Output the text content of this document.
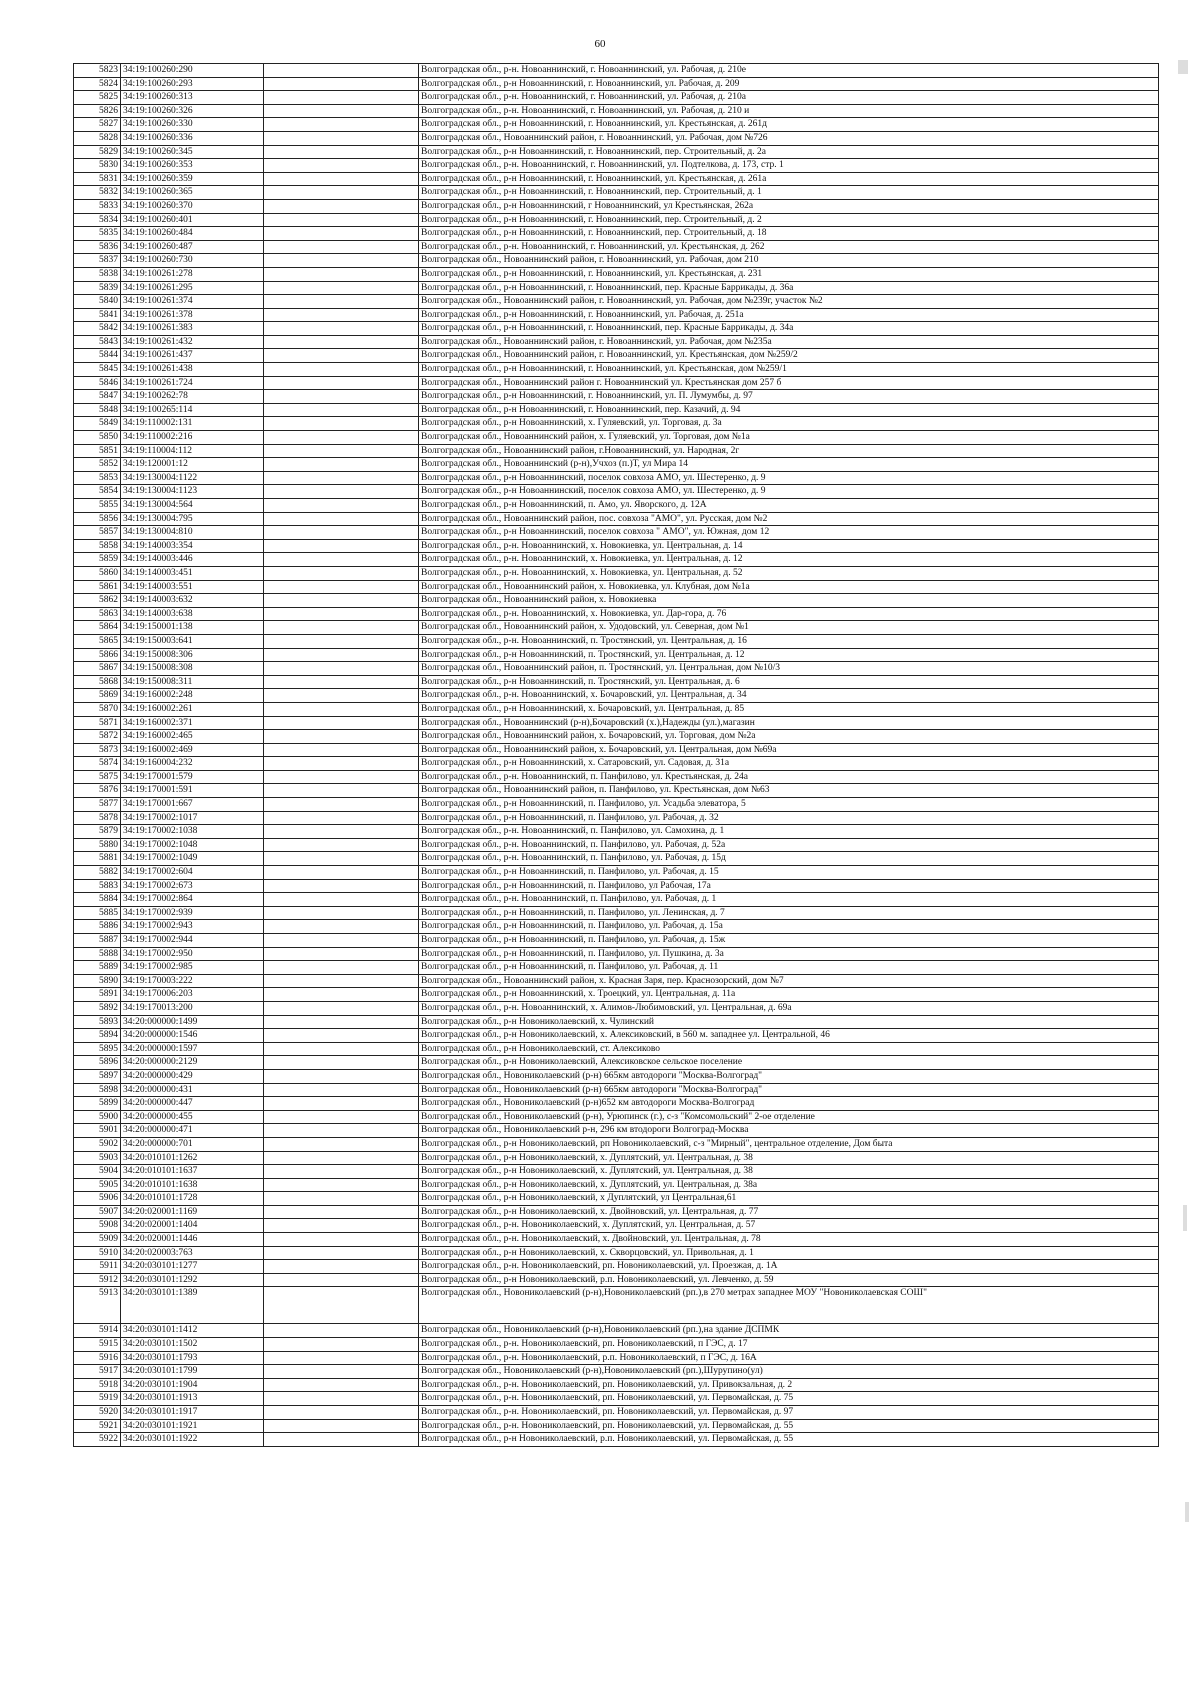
60
5823	34:19:100260:290		Волгоградская обл., р-н. Новоаннинский, г. Новоаннинский, ул. Рабочая, д. 210е
5824	34:19:100260:293		Волгоградская обл., р-н Новоаннинский, г. Новоаннинский, ул. Рабочая, д. 209
5825	34:19:100260:313		Волгоградская обл., р-н. Новоаннинский, г. Новоаннинский, ул. Рабочая, д. 210а
5826	34:19:100260:326		Волгоградская обл., р-н. Новоаннинский, г. Новоаннинский, ул. Рабочая, д. 210 и
5827	34:19:100260:330		Волгоградская обл., р-н Новоаннинский, г. Новоаннинский, ул. Крестьянская, д. 261д
5828	34:19:100260:336		Волгоградская обл., Новоаннинский район, г. Новоаннинский, ул. Рабочая, дом №726
5829	34:19:100260:345		Волгоградская обл., р-н Новоаннинский, г. Новоаннинский, пер. Строительный, д. 2а
5830	34:19:100260:353		Волгоградская обл., р-н. Новоаннинский, г. Новоаннинский, ул. Подтелкова, д. 173, стр. 1
5831	34:19:100260:359		Волгоградская обл., р-н Новоаннинский, г. Новоаннинский, ул. Крестьянская, д. 261а
5832	34:19:100260:365		Волгоградская обл., р-н Новоаннинский, г. Новоаннинский, пер. Строительный, д. 1
5833	34:19:100260:370		Волгоградская обл., р-н Новоаннинский, г Новоаннинский, ул Крестьянская, 262а
5834	34:19:100260:401		Волгоградская обл., р-н Новоаннинский, г. Новоаннинский, пер. Строительный, д. 2
5835	34:19:100260:484		Волгоградская обл., р-н Новоаннинский, г. Новоаннинский, пер. Строительный, д. 18
5836	34:19:100260:487		Волгоградская обл., р-н. Новоаннинский, г. Новоаннинский, ул. Крестьянская, д. 262
5837	34:19:100260:730		Волгоградская обл., Новоаннинский район, г. Новоаннинский, ул. Рабочая, дом 210
5838	34:19:100261:278		Волгоградская обл., р-н Новоаннинский, г. Новоаннинский, ул. Крестьянская, д. 231
5839	34:19:100261:295		Волгоградская обл., р-н Новоаннинский, г. Новоаннинский, пер. Красные Баррикады, д. 36а
5840	34:19:100261:374		Волгоградская обл., Новоаннинский район, г. Новоаннинский, ул. Рабочая, дом №239г, участок №2
5841	34:19:100261:378		Волгоградская обл., р-н Новоаннинский, г. Новоаннинский, ул. Рабочая, д. 251а
5842	34:19:100261:383		Волгоградская обл., р-н Новоаннинский, г. Новоаннинский, пер. Красные Баррикады, д. 34а
5843	34:19:100261:432		Волгоградская обл., Новоаннинский район, г. Новоаннинский, ул. Рабочая, дом №235а
5844	34:19:100261:437		Волгоградская обл., Новоаннинский район, г. Новоаннинский, ул. Крестьянская, дом №259/2
5845	34:19:100261:438		Волгоградская обл., р-н Новоаннинский, г. Новоаннинский, ул. Крестьянская, дом №259/1
5846	34:19:100261:724		Волгоградская обл., Новоаннинский район г. Новоаннинский ул. Крестьянская дом 257 б
5847	34:19:100262:78		Волгоградская обл., р-н Новоаннинский, г. Новоаннинский, ул. П. Лумумбы, д. 97
5848	34:19:100265:114		Волгоградская обл., р-н Новоаннинский, г. Новоаннинский, пер. Казачий, д. 94
5849	34:19:110002:131		Волгоградская обл., р-н Новоаннинский, х. Гуляевский, ул. Торговая, д. 3а
5850	34:19:110002:216		Волгоградская обл., Новоаннинский район, х. Гуляевский, ул. Торговая, дом №1а
5851	34:19:110004:112		Волгоградская обл., Новоаннинский район, г.Новоаннинский, ул. Народная, 2г
5852	34:19:120001:12		Волгоградская обл., Новоаннинский (р-н),Учхоз (п.)Т, ул Мира 14
5853	34:19:130004:1122		Волгоградская обл., р-н Новоаннинский, поселок совхоза АМО, ул. Шестеренко, д. 9
5854	34:19:130004:1123		Волгоградская обл., р-н Новоаннинский, поселок совхоза АМО, ул. Шестеренко, д. 9
5855	34:19:130004:564		Волгоградская обл., р-н Новоаннинский, п. Амо, ул. Яворского, д. 12А
5856	34:19:130004:795		Волгоградская обл., Новоаннинский район, пос. совхоза "АМО", ул. Русская, дом №2
5857	34:19:130004:810		Волгоградская обл., р-н Новоаннинский, поселок совхоза " АМО", ул. Южная, дом 12
5858	34:19:140003:354		Волгоградская обл., р-н. Новоаннинский, х. Новокиевка, ул. Центральная, д. 14
5859	34:19:140003:446		Волгоградская обл., р-н. Новоаннинский, х. Новокиевка, ул. Центральная, д. 12
5860	34:19:140003:451		Волгоградская обл., р-н. Новоаннинский, х. Новокиевка, ул. Центральная, д. 52
5861	34:19:140003:551		Волгоградская обл., Новоаннинский район, х. Новокиевка, ул. Клубная, дом №1а
5862	34:19:140003:632		Волгоградская обл., Новоаннинский район, х. Новокиевка
5863	34:19:140003:638		Волгоградская обл., р-н. Новоаннинский, х. Новокиевка, ул. Дар-гора, д. 76
5864	34:19:150001:138		Волгоградская обл., Новоаннинский район, х. Удодовский, ул. Северная, дом №1
5865	34:19:150003:641		Волгоградская обл., р-н. Новоаннинский, п. Тростянский, ул. Центральная, д. 16
5866	34:19:150008:306		Волгоградская обл., р-н Новоаннинский, п. Тростянский, ул. Центральная, д. 12
5867	34:19:150008:308		Волгоградская обл., Новоаннинский район, п. Тростянский, ул. Центральная, дом №10/3
5868	34:19:150008:311		Волгоградская обл., р-н Новоаннинский, п. Тростянский, ул. Центральная, д. 6
5869	34:19:160002:248		Волгоградская обл., р-н. Новоаннинский, х. Бочаровский, ул. Центральная, д. 34
5870	34:19:160002:261		Волгоградская обл., р-н Новоаннинский, х. Бочаровский, ул. Центральная, д. 85
5871	34:19:160002:371		Волгоградская обл., Новоаннинский (р-н),Бочаровский (х.),Надежды (ул.),магазин
5872	34:19:160002:465		Волгоградская обл., Новоаннинский район, х. Бочаровский, ул. Торговая, дом №2а
5873	34:19:160002:469		Волгоградская обл., Новоаннинский район, х. Бочаровский, ул. Центральная, дом №69а
5874	34:19:160004:232		Волгоградская обл., р-н Новоаннинский, х. Сатаровский, ул. Садовая, д. 31а
5875	34:19:170001:579		Волгоградская обл., р-н. Новоаннинский, п. Панфилово, ул. Крестьянская, д. 24а
5876	34:19:170001:591		Волгоградская обл., Новоаннинский район, п. Панфилово, ул. Крестьянская, дом №63
5877	34:19:170001:667		Волгоградская обл., р-н Новоаннинский, п. Панфилово, ул. Усадьба элеватора, 5
5878	34:19:170002:1017		Волгоградская обл., р-н Новоаннинский, п. Панфилово, ул. Рабочая, д. 32
5879	34:19:170002:1038		Волгоградская обл., р-н. Новоаннинский, п. Панфилово, ул. Самохина, д. 1
5880	34:19:170002:1048		Волгоградская обл., р-н. Новоаннинский, п. Панфилово, ул. Рабочая, д. 52а
5881	34:19:170002:1049		Волгоградская обл., р-н. Новоаннинский, п. Панфилово, ул. Рабочая, д. 15д
5882	34:19:170002:604		Волгоградская обл., р-н Новоаннинский, п. Панфилово, ул. Рабочая, д. 15
5883	34:19:170002:673		Волгоградская обл., р-н Новоаннинский, п. Панфилово, ул Рабочая, 17а
5884	34:19:170002:864		Волгоградская обл., р-н. Новоаннинский, п. Панфилово, ул. Рабочая, д. 1
5885	34:19:170002:939		Волгоградская обл., р-н Новоаннинский, п. Панфилово, ул. Ленинская, д. 7
5886	34:19:170002:943		Волгоградская обл., р-н Новоаннинский, п. Панфилово, ул. Рабочая, д. 15а
5887	34:19:170002:944		Волгоградская обл., р-н Новоаннинский, п. Панфилово, ул. Рабочая, д. 15ж
5888	34:19:170002:950		Волгоградская обл., р-н Новоаннинский, п. Панфилово, ул. Пушкина, д. 3а
5889	34:19:170002:985		Волгоградская обл., р-н Новоаннинский, п. Панфилово, ул. Рабочая, д. 11
5890	34:19:170003:222		Волгоградская обл., Новоаннинский район, х. Красная Заря, пер. Краснозорский, дом №7
5891	34:19:170006:203		Волгоградская обл., р-н Новоаннинский, х. Троецкий, ул. Центральная, д. 11а
5892	34:19:170013:200		Волгоградская обл., р-н. Новоаннинский, х. Алимов-Любимовский, ул. Центральная, д. 69а
5893	34:20:000000:1499		Волгоградская обл., р-н Новониколаевский, х. Чулинский
5894	34:20:000000:1546		Волгоградская обл., р-н Новониколаевский, х. Алексиковский, в 560 м. западнее ул. Центральной, 46
5895	34:20:000000:1597		Волгоградская обл., р-н Новониколаевский, ст. Алексиково
5896	34:20:000000:2129		Волгоградская обл., р-н Новониколаевский, Алексиковское сельское поселение
5897	34:20:000000:429		Волгоградская обл., Новониколаевский (р-н) 665км автодороги "Москва-Волгоград"
5898	34:20:000000:431		Волгоградская обл., Новониколаевский (р-н) 665км автодороги "Москва-Волгоград"
5899	34:20:000000:447		Волгоградская обл., Новониколаевский (р-н)652 км автодороги Москва-Волгоград
5900	34:20:000000:455		Волгоградская обл., Новониколаевский (р-н), Урюпинск (г.), с-з "Комсомольский" 2-ое отделение
5901	34:20:000000:471		Волгоградская обл., Новониколаевский р-н, 296 км втодороги Волгоград-Москва
5902	34:20:000000:701		Волгоградская обл., р-н Новониколаевский, рп Новониколаевский, с-з "Мирный", центральное отделение, Дом быта
5903	34:20:010101:1262		Волгоградская обл., р-н Новониколаевский, х. Дуплятский, ул. Центральная, д. 38
5904	34:20:010101:1637		Волгоградская обл., р-н Новониколаевский, х. Дуплятский, ул. Центральная, д. 38
5905	34:20:010101:1638		Волгоградская обл., р-н Новониколаевский, х. Дуплятский, ул. Центральная, д. 38а
5906	34:20:010101:1728		Волгоградская обл., р-н Новониколаевский, х Дуплятский, ул Центральная,61
5907	34:20:020001:1169		Волгоградская обл., р-н Новониколаевский, х. Двойновский, ул. Центральная, д. 77
5908	34:20:020001:1404		Волгоградская обл., р-н. Новониколаевский, х. Дуплятский, ул. Центральная, д. 57
5909	34:20:020001:1446		Волгоградская обл., р-н. Новониколаевский, х. Двойновский, ул. Центральная, д. 78
5910	34:20:020003:763		Волгоградская обл., р-н Новониколаевский, х. Скворцовский, ул. Привольная, д. 1
5911	34:20:030101:1277		Волгоградская обл., р-н. Новониколаевский, рп. Новониколаевский, ул. Проезжая, д. 1А
5912	34:20:030101:1292		Волгоградская обл., р-н Новониколаевский, р.п. Новониколаевский, ул. Левченко, д. 59
5913	34:20:030101:1389		Волгоградская обл., Новониколаевский (р-н),Новониколаевский (рп.),в 270 метрах западнее МОУ "Новониколаевская СОШ"
5914	34:20:030101:1412		Волгоградская обл., Новониколаевский (р-н),Новониколаевский (рп.),на здание ДСПМК
5915	34:20:030101:1502		Волгоградская обл., р-н. Новониколаевский, рп. Новониколаевский, п ГЭС, д. 17
5916	34:20:030101:1793		Волгоградская обл., р-н. Новониколаевский, р.п. Новониколаевский, п ГЭС, д. 16А
5917	34:20:030101:1799		Волгоградская обл., Новониколаевский (р-н),Новониколаевский (рп.),Шурупино(ул)
5918	34:20:030101:1904		Волгоградская обл., р-н. Новониколаевский, рп. Новониколаевский, ул. Привокзальная, д. 2
5919	34:20:030101:1913		Волгоградская обл., р-н. Новониколаевский, рп. Новониколаевский, ул. Первомайская, д. 75
5920	34:20:030101:1917		Волгоградская обл., р-н. Новониколаевский, рп. Новониколаевский, ул. Первомайская, д. 97
5921	34:20:030101:1921		Волгоградская обл., р-н. Новониколаевский, рп. Новониколаевский, ул. Первомайская, д. 55
5922	34:20:030101:1922		Волгоградская обл., р-н Новониколаевский, р.п. Новониколаевский, ул. Первомайская, д. 55
